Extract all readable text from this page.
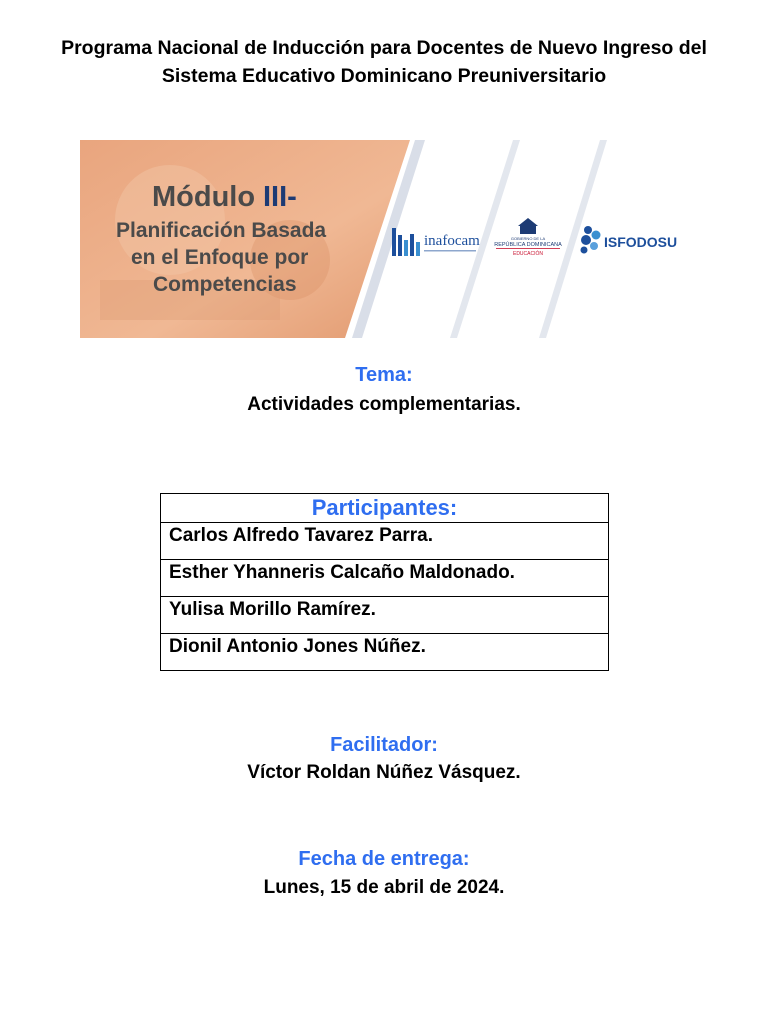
Programa Nacional de Inducción para Docentes de Nuevo Ingreso del Sistema Educativo Dominicano Preuniversitario
Módulo III-
Planificación Basada
en el Enfoque por
Competencias
inafocam	GOBIERNO DE LA
REPÚBLICA DOMINICANA
EDUCACIÓN
ISFODOSU
Tema:
Actividades complementarias.
Participantes:
Carlos Alfredo Tavarez Parra.
Esther Yhanneris Calcaño Maldonado.
Yulisa Morillo Ramírez.
Dionil Antonio Jones Núñez.
Facilitador:
Víctor Roldan Núñez Vásquez.
Fecha de entrega:
Lunes, 15 de abril de 2024.
